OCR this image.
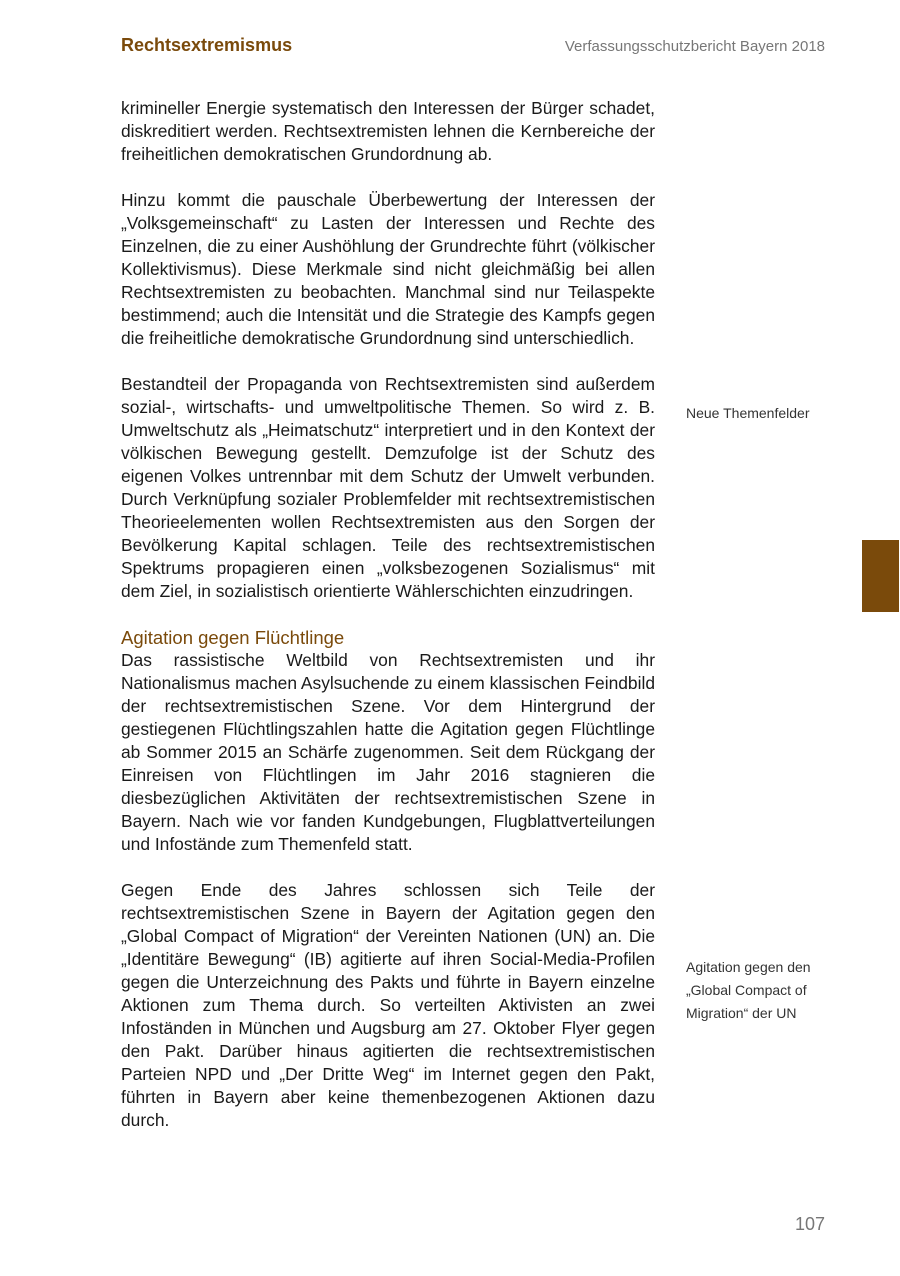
Rechtsextremismus	Verfassungsschutzbericht Bayern 2018

krimineller Energie systematisch den Interessen der Bürger schadet, diskreditiert werden. Rechtsextremisten lehnen die Kernbereiche der freiheitlichen demokratischen Grundordnung ab.

Hinzu kommt die pauschale Überbewertung der Interessen der „Volksgemeinschaft“ zu Lasten der Interessen und Rechte des Einzelnen, die zu einer Aushöhlung der Grundrechte führt (völkischer Kollektivismus). Diese Merkmale sind nicht gleichmäßig bei allen Rechtsextremisten zu beobachten. Manchmal sind nur Teilaspekte bestimmend; auch die Intensität und die Strategie des Kampfs gegen die freiheitliche demokratische Grundordnung sind unterschiedlich.

Bestandteil der Propaganda von Rechtsextremisten sind außerdem sozial-, wirtschafts- und umweltpolitische Themen. So wird z. B. Umweltschutz als „Heimatschutz“ interpretiert und in den Kontext der völkischen Bewegung gestellt. Demzufolge ist der Schutz des eigenen Volkes untrennbar mit dem Schutz der Umwelt verbunden. Durch Verknüpfung sozialer Problemfelder mit rechtsextremistischen Theorieelementen wollen Rechtsextremisten aus den Sorgen der Bevölkerung Kapital schlagen. Teile des rechtsextremistischen Spektrums propagieren einen „volksbezogenen Sozialismus“ mit dem Ziel, in sozialistisch orientierte Wählerschichten einzudringen.

Agitation gegen Flüchtlinge

Das rassistische Weltbild von Rechtsextremisten und ihr Nationalismus machen Asylsuchende zu einem klassischen Feindbild der rechtsextremistischen Szene. Vor dem Hintergrund der gestiegenen Flüchtlingszahlen hatte die Agitation gegen Flüchtlinge ab Sommer 2015 an Schärfe zugenommen. Seit dem Rückgang der Einreisen von Flüchtlingen im Jahr 2016 stagnieren die diesbezüglichen Aktivitäten der rechtsextremistischen Szene in Bayern. Nach wie vor fanden Kundgebungen, Flugblattverteilungen und Infostände zum Themenfeld statt.

Gegen Ende des Jahres schlossen sich Teile der rechtsextremistischen Szene in Bayern der Agitation gegen den „Global Compact of Migration“ der Vereinten Nationen (UN) an. Die „Identitäre Bewegung“ (IB) agitierte auf ihren Social-Media-Profilen gegen die Unterzeichnung des Pakts und führte in Bayern einzelne Aktionen zum Thema durch. So verteilten Aktivisten an zwei Infoständen in München und Augsburg am 27. Oktober Flyer gegen den Pakt. Darüber hinaus agitierten die rechtsextremistischen Parteien NPD und „Der Dritte Weg“ im Internet gegen den Pakt, führten in Bayern aber keine themenbezogenen Aktionen dazu durch.

Neue Themenfelder
Agitation gegen den „Global Compact of Migration“ der UN
107
